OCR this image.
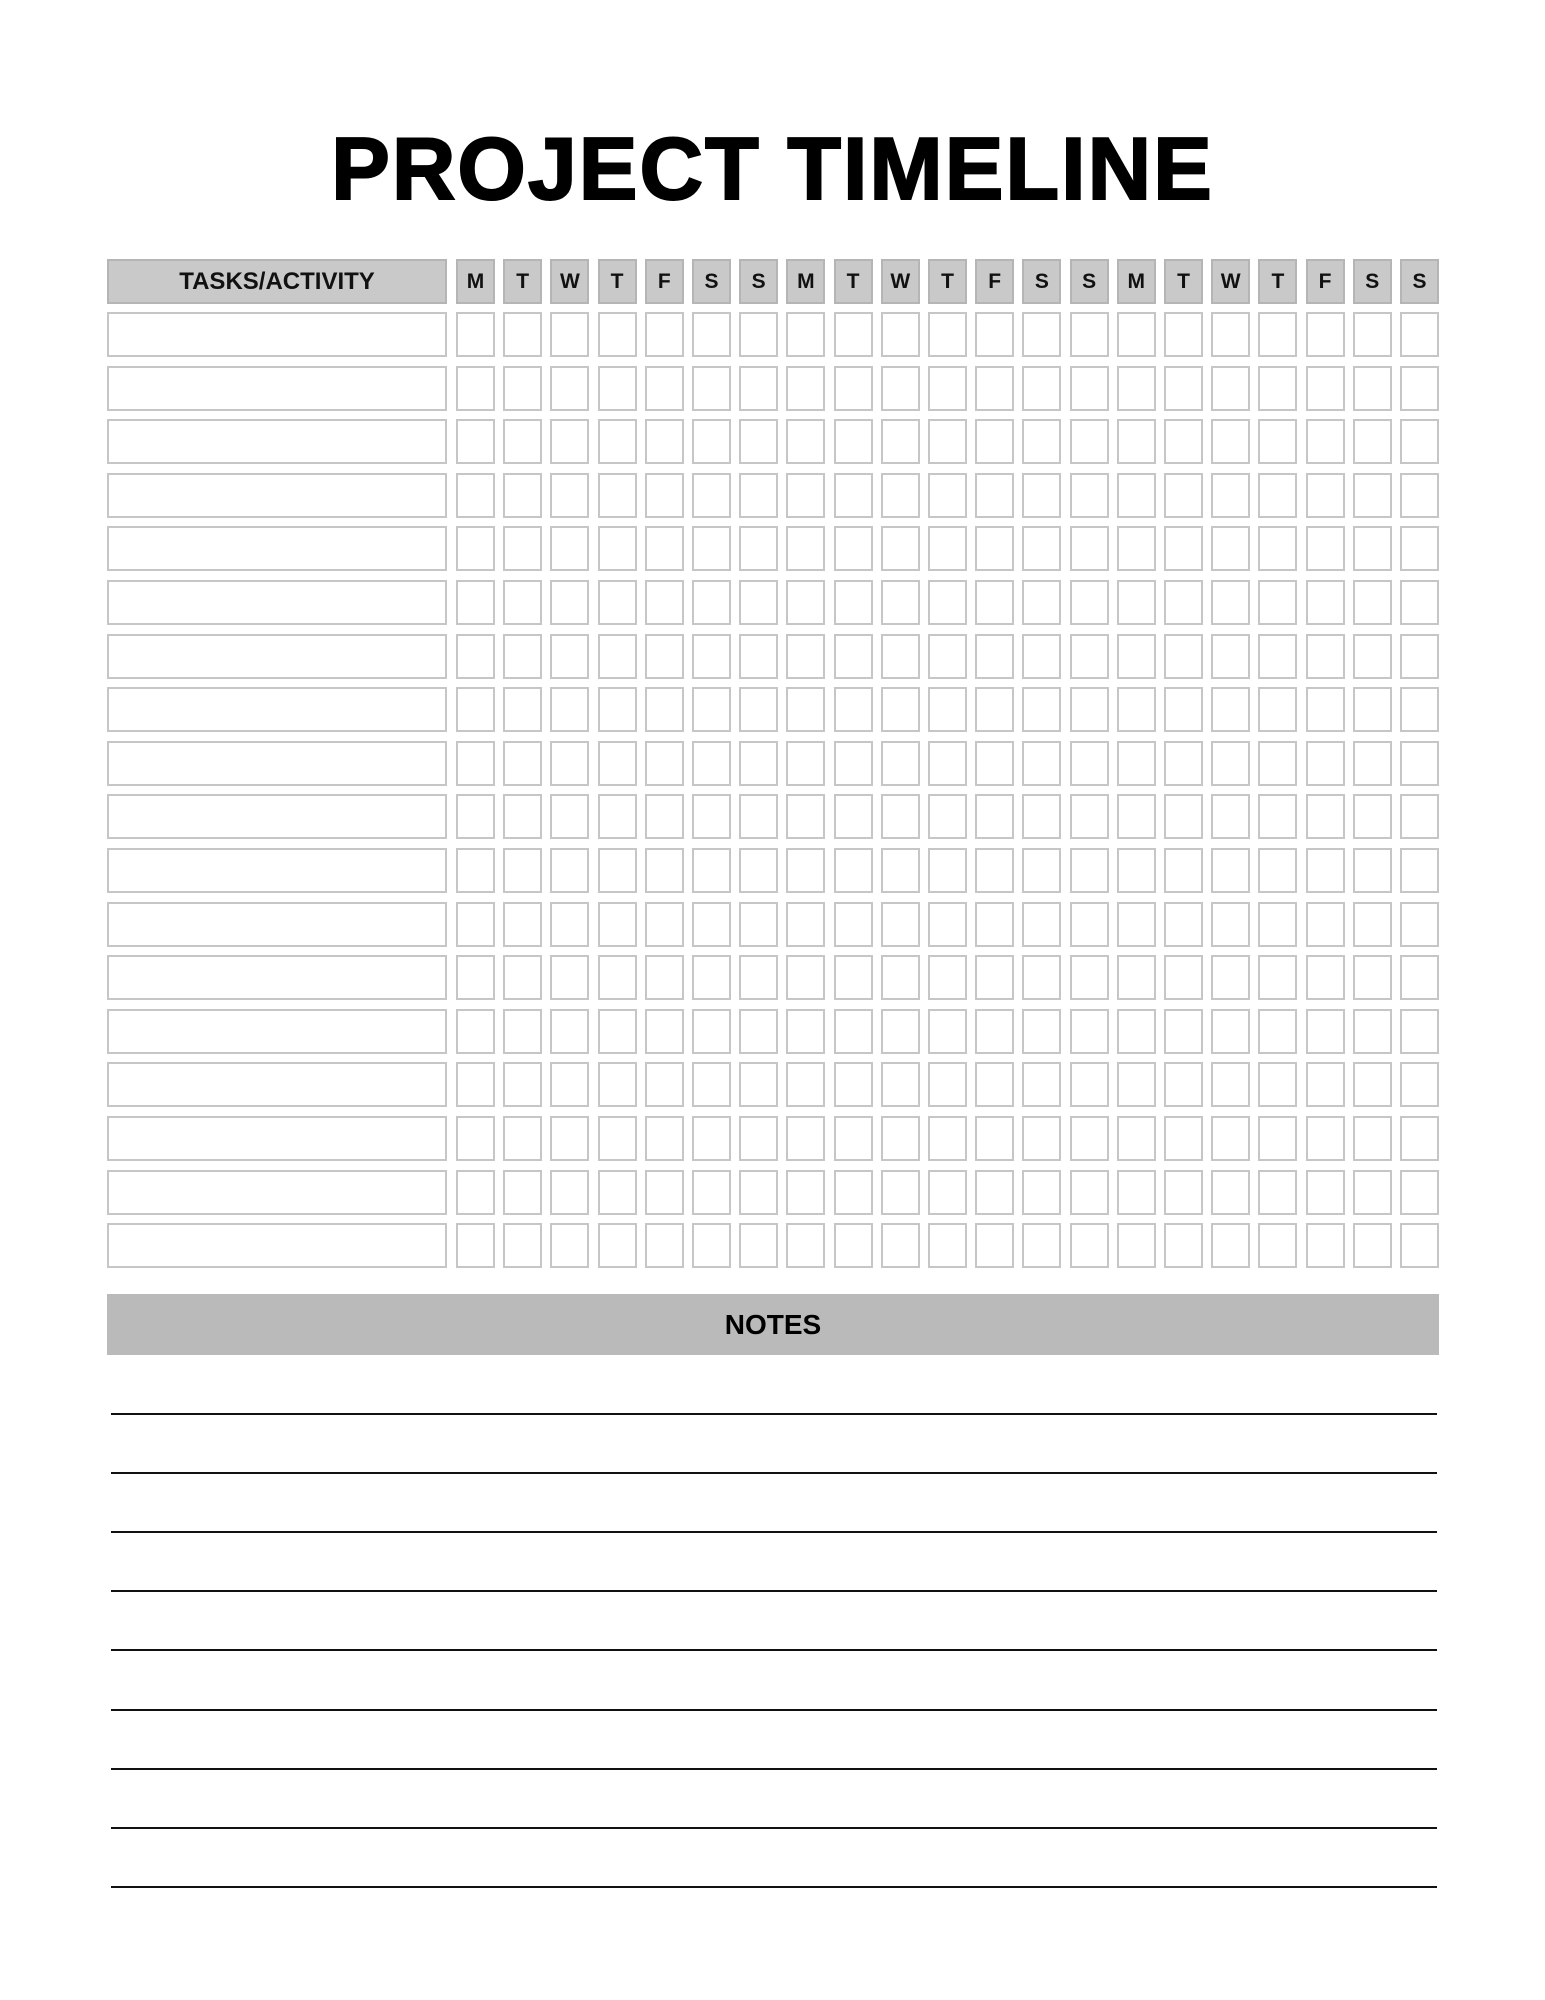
PROJECT TIMELINE
TASKS/ACTIVITY	M	T	W	T	F	S	S	M	T	W	T	F	S	S	M	T	W	T	F	S	S
NOTES
